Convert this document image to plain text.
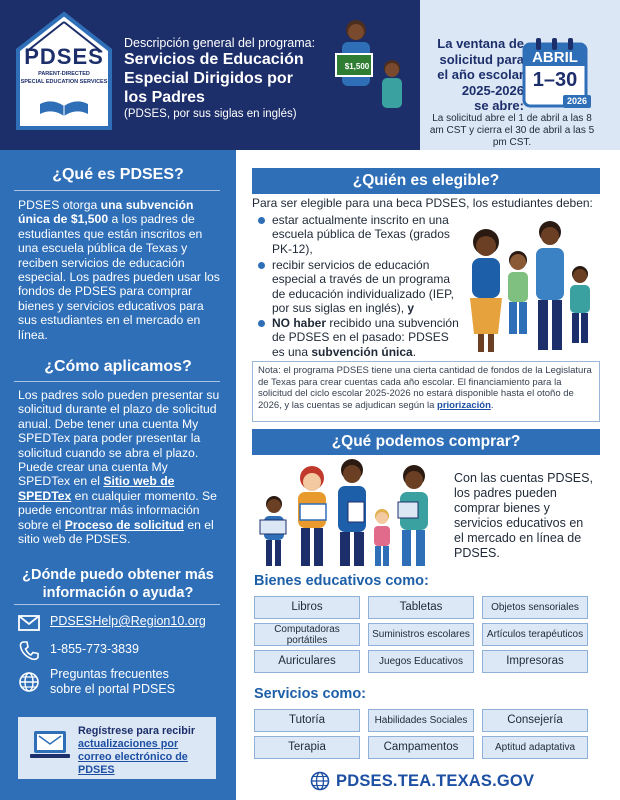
PDSES
PARENT-DIRECTED
SPECIAL EDUCATION SERVICES
Descripción general del programa:
Servicios de Educación
Especial Dirigidos por
los Padres
(PDSES, por sus siglas en inglés)
$1,500
La ventana de
solicitud para
el año escolar
2025-2026
se abre:
ABRIL
1–30
2026
La solicitud abre el 1 de abril a las 8 am CST y cierra el 30 de abril a las 5 pm CST.
¿Qué es PDSES?
PDSES otorga una subvención única de $1,500 a los padres de estudiantes que están inscritos en una escuela pública de Texas y reciben servicios de educación especial. Los padres pueden usar los fondos de PDSES para comprar bienes y servicios educativos para sus estudiantes en el mercado en línea.
¿Cómo aplicamos?
Los padres solo pueden presentar su solicitud durante el plazo de solicitud anual. Debe tener una cuenta My SPEDTex para poder presentar la solicitud cuando se abra el plazo. Puede crear una cuenta My SPEDTex en el Sitio web de SPEDTex en cualquier momento. Se puede encontrar más información sobre el Proceso de solicitud en el sitio web de PDSES.
¿Dónde puedo obtener más
información o ayuda?
PDSESHelp@Region10.org
1-855-773-3839
Preguntas frecuentes
sobre el portal PDSES
Regístrese para recibir
actualizaciones por correo electrónico de PDSES
¿Quién es elegible?
Para ser elegible para una beca PDSES, los estudiantes deben:
estar actualmente inscrito en una escuela pública de Texas (grados PK-12),
recibir servicios de educación especial a través de un programa de educación individualizado (IEP, por sus siglas en inglés), y
NO haber recibido una subvención de PDSES en el pasado: PDSES es una subvención única.
Nota: el programa PDSES tiene una cierta cantidad de fondos de la Legislatura de Texas para crear cuentas cada año escolar. El financiamiento para la solicitud del ciclo escolar 2025-2026 no estará disponible hasta el otoño de 2026, y las cuentas se adjudican según la priorización.
¿Qué podemos comprar?
Con las cuentas PDSES, los padres pueden comprar bienes y servicios educativos en el mercado en línea de PDSES.
Bienes educativos como:
Libros	Tabletas	Objetos sensoriales
Computadoras portátiles	Suministros escolares	Artículos terapéuticos
Auriculares	Juegos Educativos	Impresoras
Servicios como:
Tutoría	Habilidades Sociales	Consejería
Terapia	Campamentos	Aptitud adaptativa
PDSES.TEA.TEXAS.GOV
